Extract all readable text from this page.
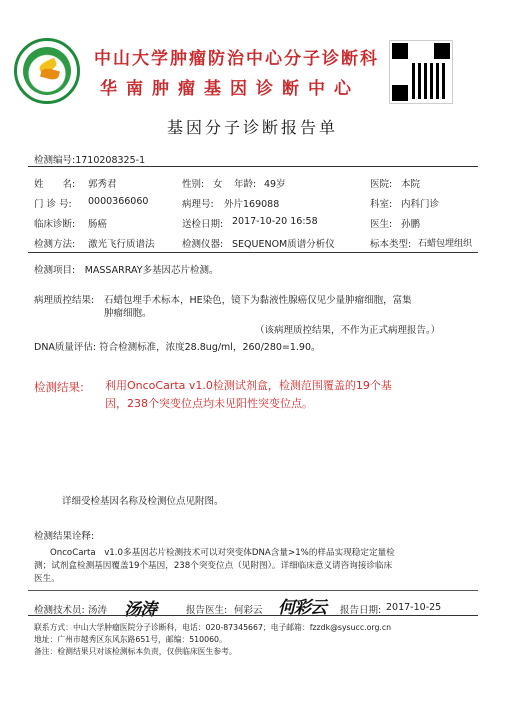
中山大学肿瘤防治中心分子诊断科
华南肿瘤基因诊断中心
基因分子诊断报告单
检测编号:1710208325-1
姓　　名: 郭秀君	性别: 女 年龄: 49岁	医院: 本院
门 诊 号: 0000366060	病理号: 外片169088	科室: 内科门诊
临床诊断: 肠癌	送检日期: 2017-10-20 16:58	医生: 孙鹏
检测方法: 激光飞行质谱法	检测仪器: SEQUENOM质谱分析仪	标本类型: 石蜡包埋组织
检测项目:　MASSARRAY多基因芯片检测。
病理质控结果: 石蜡包埋手术标本，HE染色，镜下为黏液性腺癌仅见少量肿瘤细胞，富集
肿瘤细胞。
（该病理质控结果，不作为正式病理报告。）
DNA质量评估: 符合检测标准，浓度28.8ug/ml，260/280=1.90。
检测结果: 利用OncoCarta v1.0检测试剂盒，检测范围覆盖的19个基
因，238个突变位点均未见阳性突变位点。
详细受检基因名称及检测位点见附图。
检测结果诠释:
OncoCarta　v1.0多基因芯片检测技术可以对突变体DNA含量>1%的样品实现稳定定量检
测；试剂盒检测基因覆盖19个基因，238个突变位点（见附图）。详细临床意义请咨询接诊临床
医生。
检测技术员: 汤涛 汤涛	报告医生: 何彩云 何彩云 报告日期: 2017-10-25
联系方式：中山大学肿瘤医院分子诊断科，电话：020-87345667；电子邮箱：fzzdk@sysucc.org.cn
地址：广州市越秀区东风东路651号，邮编：510060。
备注：检测结果只对该检测标本负责，仅供临床医生参考。
